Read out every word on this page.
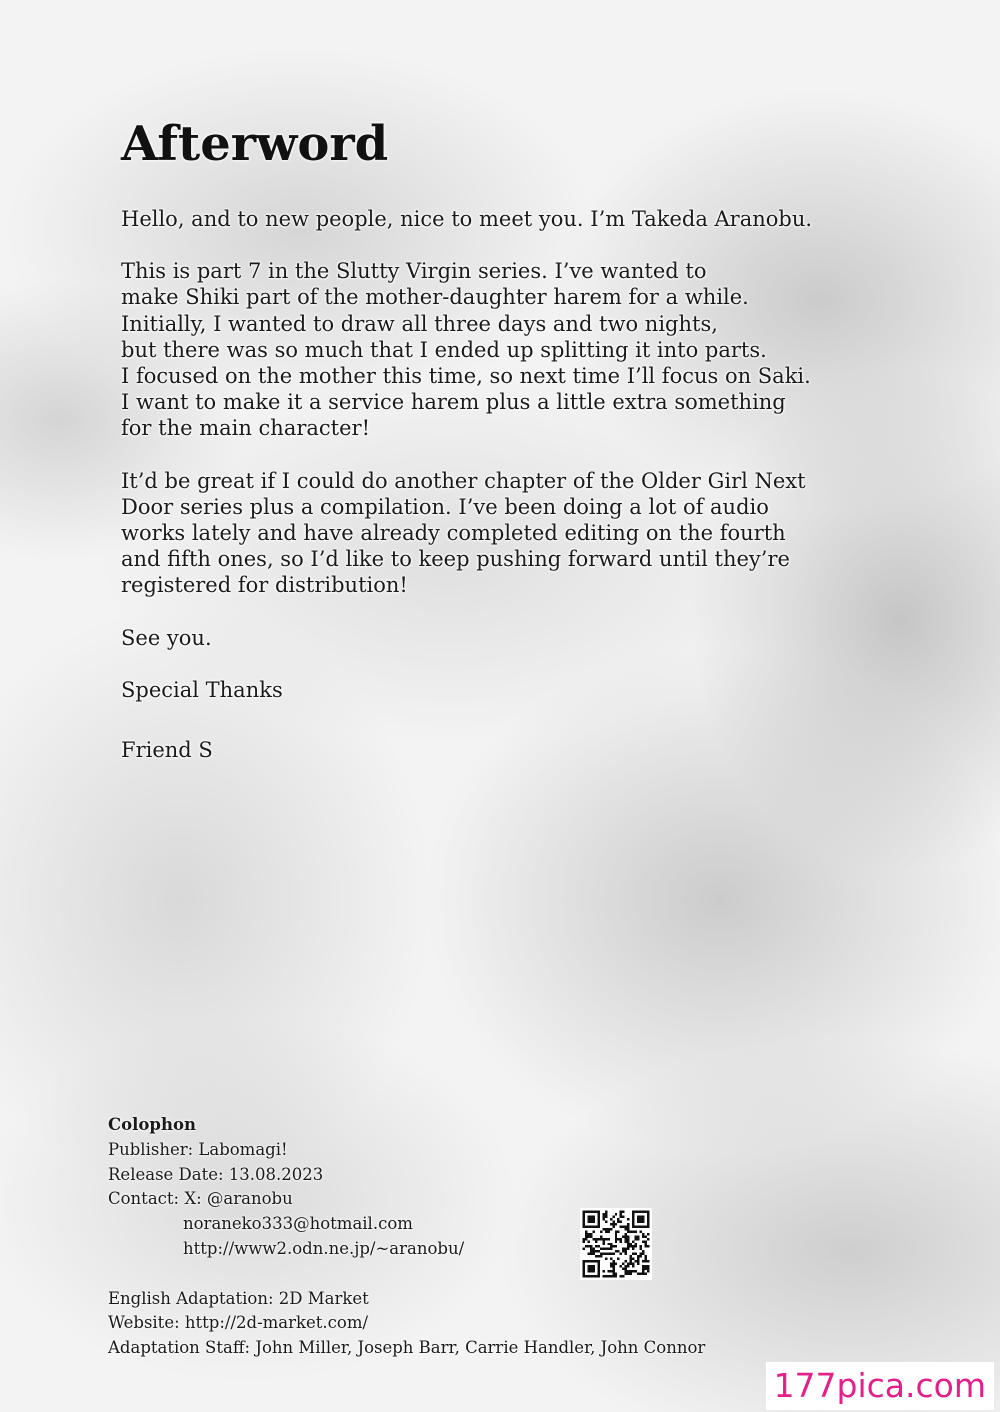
Afterword

Hello, and to new people, nice to meet you. I’m Takeda Aranobu.

This is part 7 in the Slutty Virgin series. I’ve wanted to
make Shiki part of the mother-daughter harem for a while.
Initially, I wanted to draw all three days and two nights,
but there was so much that I ended up splitting it into parts.
I focused on the mother this time, so next time I’ll focus on Saki.
I want to make it a service harem plus a little extra something
for the main character!

It’d be great if I could do another chapter of the Older Girl Next
Door series plus a compilation. I’ve been doing a lot of audio
works lately and have already completed editing on the fourth
and fifth ones, so I’d like to keep pushing forward until they’re
registered for distribution!

See you.

Special Thanks

Friend S

Colophon
Publisher: Labomagi!
Release Date: 13.08.2023
Contact: X: @aranobu
noraneko333@hotmail.com
http://www2.odn.ne.jp/~aranobu/
English Adaptation: 2D Market
Website: http://2d-market.com/
Adaptation Staff: John Miller, Joseph Barr, Carrie Handler, John Connor
177pica.com
